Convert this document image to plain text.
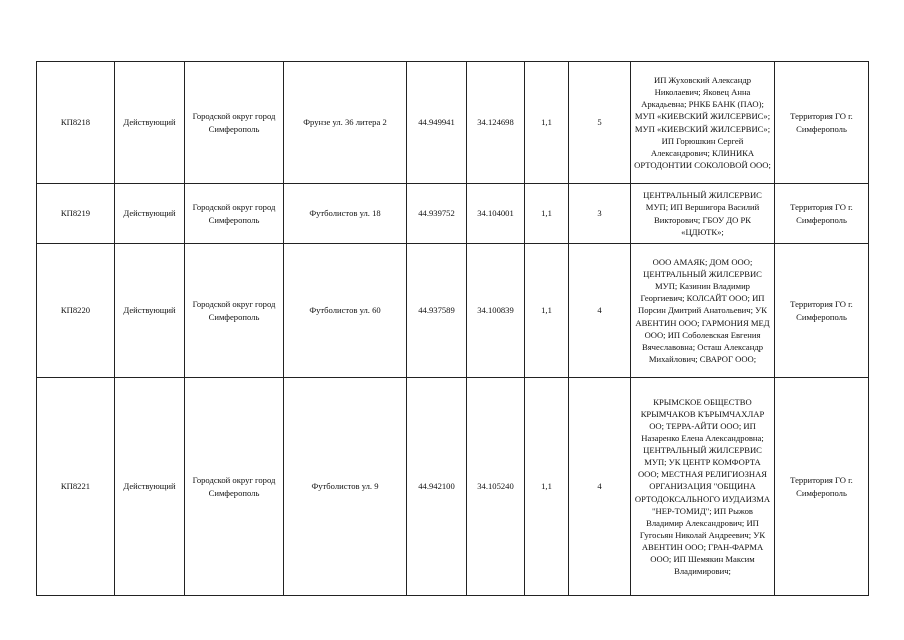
КП8218	Действующий	Городской округ город Симферополь	Фрунзе ул. 36 литера 2	44.949941	34.124698	1,1	5	ИП Жуховский Александр Николаевич; Яковец Анна Аркадьевна; РНКБ БАНК (ПАО); МУП «КИЕВСКИЙ ЖИЛСЕРВИС»; МУП «КИЕВСКИЙ ЖИЛСЕРВИС»; ИП Горюшкин Сергей Александрович; КЛИНИКА ОРТОДОНТИИ СОКОЛОВОЙ ООО;	Территория ГО г. Симферополь
КП8219	Действующий	Городской округ город Симферополь	Футболистов ул. 18	44.939752	34.104001	1,1	3	ЦЕНТРАЛЬНЫЙ ЖИЛСЕРВИС МУП; ИП Вершигора Василий Викторович; ГБОУ ДО РК «ЦДЮТК»;	Территория ГО г. Симферополь
КП8220	Действующий	Городской округ город Симферополь	Футболистов ул. 60	44.937589	34.100839	1,1	4	ООО АМАЯК; ДОМ ООО; ЦЕНТРАЛЬНЫЙ ЖИЛСЕРВИС МУП; Казинин Владимир Георгиевич; КОЛСАЙТ ООО; ИП Порсин Дмитрий Анатольевич; УК АВЕНТИН ООО; ГАРМОНИЯ МЕД ООО; ИП Соболевская Евгения Вячеславовна; Осташ Александр Михайлович; СВАРОГ ООО;	Территория ГО г. Симферополь
КП8221	Действующий	Городской округ город Симферополь	Футболистов ул. 9	44.942100	34.105240	1,1	4	КРЫМСКОЕ ОБЩЕСТВО КРЫМЧАКОВ КЪРЫМЧАХЛАР ОО; ТЕРРА-АЙТИ ООО; ИП Назаренко Елена Александровна; ЦЕНТРАЛЬНЫЙ ЖИЛСЕРВИС МУП; УК ЦЕНТР КОМФОРТА ООО; МЕСТНАЯ РЕЛИГИОЗНАЯ ОРГАНИЗАЦИЯ "ОБЩИНА ОРТОДОКСАЛЬНОГО ИУДАИЗМА "НЕР-ТОМИД"; ИП Рыжов Владимир Александрович; ИП Гугосьян Николай Андреевич; УК АВЕНТИН ООО; ГРАН-ФАРМА ООО; ИП Шемякин Максим Владимирович;	Территория ГО г. Симферополь
